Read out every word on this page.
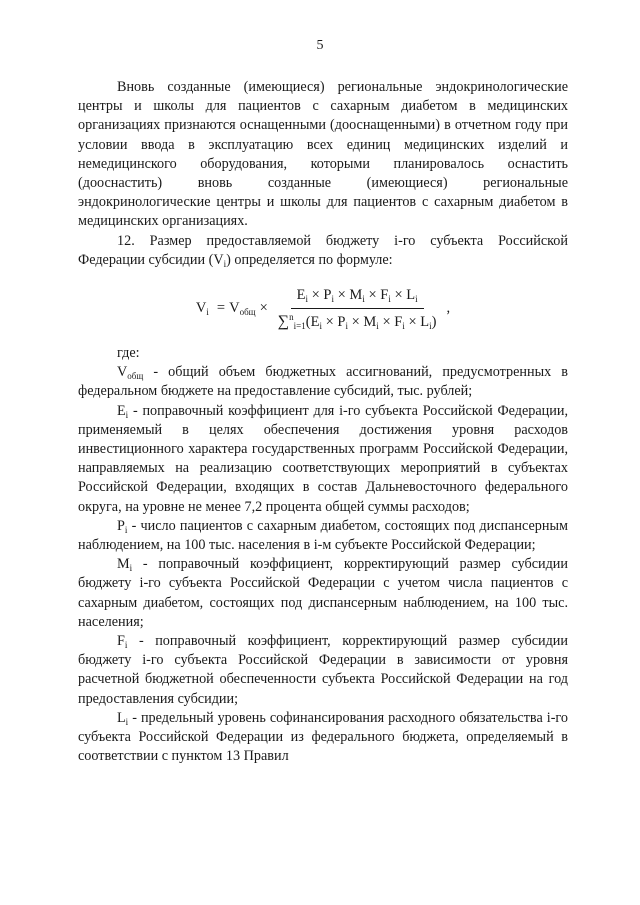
5

Вновь созданные (имеющиеся) региональные эндокринологические центры и школы для пациентов с сахарным диабетом в медицинских организациях признаются оснащенными (дооснащенными) в отчетном году при условии ввода в эксплуатацию всех единиц медицинских изделий и немедицинского оборудования, которыми планировалось оснастить (дооснастить) вновь созданные (имеющиеся) региональные эндокринологические центры и школы для пациентов с сахарным диабетом в медицинских организациях.

12. Размер предоставляемой бюджету i-го субъекта Российской Федерации субсидии $(V_i)$ определяется по формуле:

$V_i = V_{общ} \times \frac{E_i \times P_i \times M_i \times F_i \times L_i}{\sum^n_{i=1}(E_i \times P_i \times M_i \times F_i \times L_i)}$ ,

где:

$V_{общ}$ - общий объем бюджетных ассигнований, предусмотренных в федеральном бюджете на предоставление субсидий, тыс. рублей;

$E_i$ - поправочный коэффициент для i-го субъекта Российской Федерации, применяемый в целях обеспечения достижения уровня расходов инвестиционного характера государственных программ Российской Федерации, направляемых на реализацию соответствующих мероприятий в субъектах Российской Федерации, входящих в состав Дальневосточного федерального округа, на уровне не менее 7,2 процента общей суммы расходов;

$P_i$ - число пациентов с сахарным диабетом, состоящих под диспансерным наблюдением, на 100 тыс. населения в i-м субъекте Российской Федерации;

$M_i$ - поправочный коэффициент, корректирующий размер субсидии бюджету i-го субъекта Российской Федерации с учетом числа пациентов с сахарным диабетом, состоящих под диспансерным наблюдением, на 100 тыс. населения;

$F_i$ - поправочный коэффициент, корректирующий размер субсидии бюджету i-го субъекта Российской Федерации в зависимости от уровня расчетной бюджетной обеспеченности субъекта Российской Федерации на год предоставления субсидии;

$L_i$ - предельный уровень софинансирования расходного обязательства i-го субъекта Российской Федерации из федерального бюджета, определяемый в соответствии с пунктом 13 Правил
